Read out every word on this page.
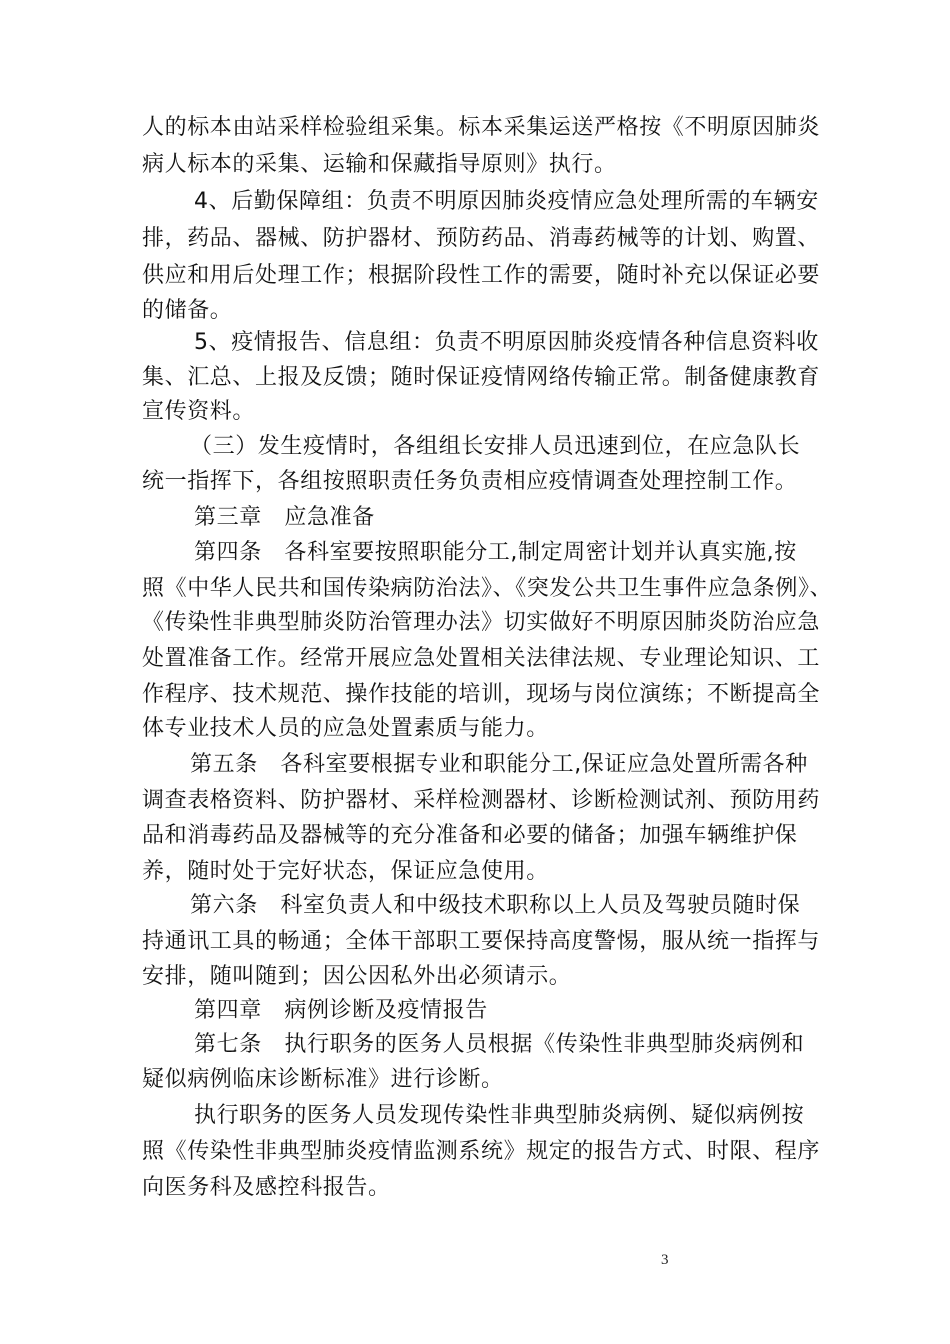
人的标本由站采样检验组采集。标本采集运送严格按《不明原因肺炎
病人标本的采集、运输和保藏指导原则》执行。
4、后勤保障组：负责不明原因肺炎疫情应急处理所需的车辆安
排，药品、器械、防护器材、预防药品、消毒药械等的计划、购置、
供应和用后处理工作；根据阶段性工作的需要，随时补充以保证必要
的储备。
5、疫情报告、信息组：负责不明原因肺炎疫情各种信息资料收
集、汇总、上报及反馈；随时保证疫情网络传输正常。制备健康教育
宣传资料。
（三）发生疫情时，各组组长安排人员迅速到位，在应急队长
统一指挥下，各组按照职责任务负责相应疫情调查处理控制工作。
第三章　应急准备
第四条　各科室要按照职能分工,制定周密计划并认真实施,按
照《中华人民共和国传染病防治法》、《突发公共卫生事件应急条例》、
《传染性非典型肺炎防治管理办法》切实做好不明原因肺炎防治应急
处置准备工作。经常开展应急处置相关法律法规、专业理论知识、工
作程序、技术规范、操作技能的培训，现场与岗位演练；不断提高全
体专业技术人员的应急处置素质与能力。
第五条　各科室要根据专业和职能分工,保证应急处置所需各种
调查表格资料、防护器材、采样检测器材、诊断检测试剂、预防用药
品和消毒药品及器械等的充分准备和必要的储备；加强车辆维护保
养，随时处于完好状态，保证应急使用。
第六条　科室负责人和中级技术职称以上人员及驾驶员随时保
持通讯工具的畅通；全体干部职工要保持高度警惕，服从统一指挥与
安排，随叫随到；因公因私外出必须请示。
第四章　病例诊断及疫情报告
第七条　执行职务的医务人员根据《传染性非典型肺炎病例和
疑似病例临床诊断标准》进行诊断。
执行职务的医务人员发现传染性非典型肺炎病例、疑似病例按
照《传染性非典型肺炎疫情监测系统》规定的报告方式、时限、程序
向医务科及感控科报告。
3
